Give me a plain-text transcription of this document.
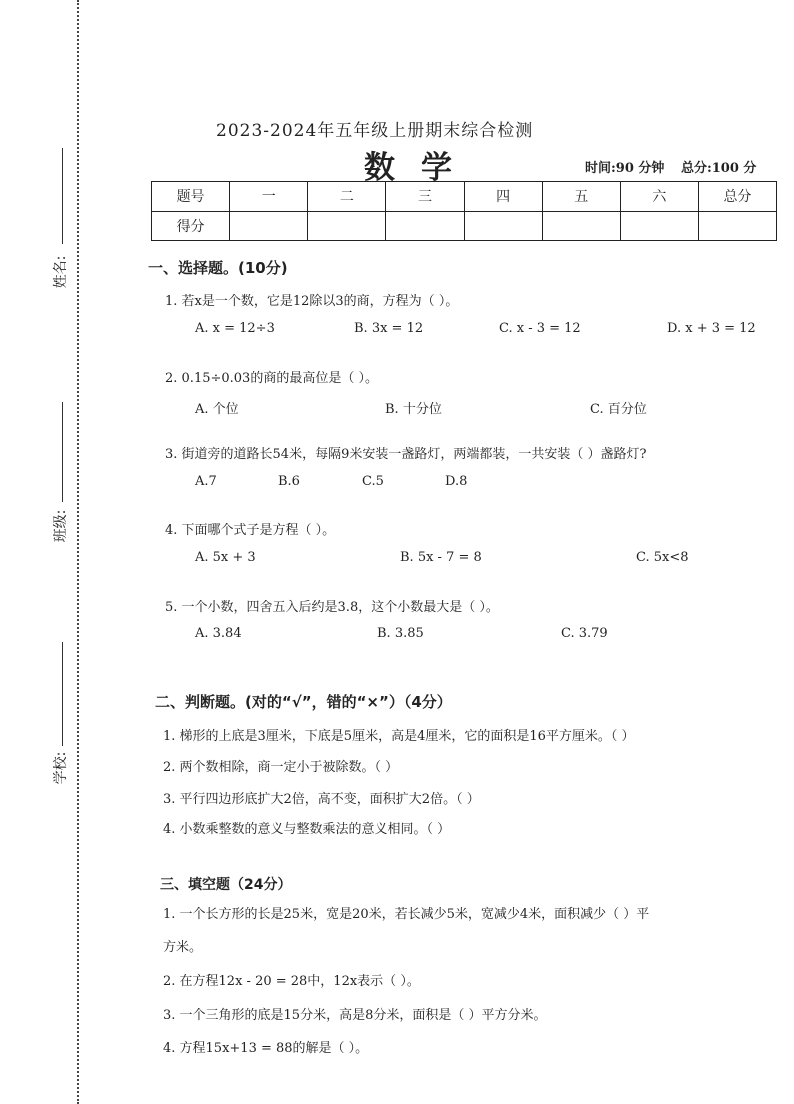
姓名:
班级:
学校:
2023-2024年五年级上册期末综合检测
数学	时间:90 分钟 总分:100 分
题号	一	二	三	四	五	六	总分
得分							
一、选择题。(10分)
1. 若x是一个数，它是12除以3的商，方程为（ ）。
A. x = 12÷3	B. 3x = 12	C. x - 3 = 12	D. x + 3 = 12
2. 0.15÷0.03的商的最高位是（ ）。
A. 个位	B. 十分位	C. 百分位
3. 街道旁的道路长54米，每隔9米安装一盏路灯，两端都装，一共安装（ ）盏路灯?
A.7	B.6	C.5	D.8
4. 下面哪个式子是方程（ ）。
A. 5x + 3	B. 5x - 7 = 8	C. 5x<8
5. 一个小数，四舍五入后约是3.8，这个小数最大是（ ）。
A. 3.84	B. 3.85	C. 3.79
二、判断题。(对的“√”，错的“×”）（4分）
1. 梯形的上底是3厘米，下底是5厘米，高是4厘米，它的面积是16平方厘米。（ ）
2. 两个数相除，商一定小于被除数。（ ）
3. 平行四边形底扩大2倍，高不变，面积扩大2倍。（ ）
4. 小数乘整数的意义与整数乘法的意义相同。（ ）
三、填空题（24分）
1. 一个长方形的长是25米，宽是20米，若长减少5米，宽减少4米，面积减少（ ）平
方米。
2. 在方程12x - 20 = 28中，12x表示（ ）。
3. 一个三角形的底是15分米，高是8分米，面积是（ ）平方分米。
4. 方程15x+13 = 88的解是（ ）。
